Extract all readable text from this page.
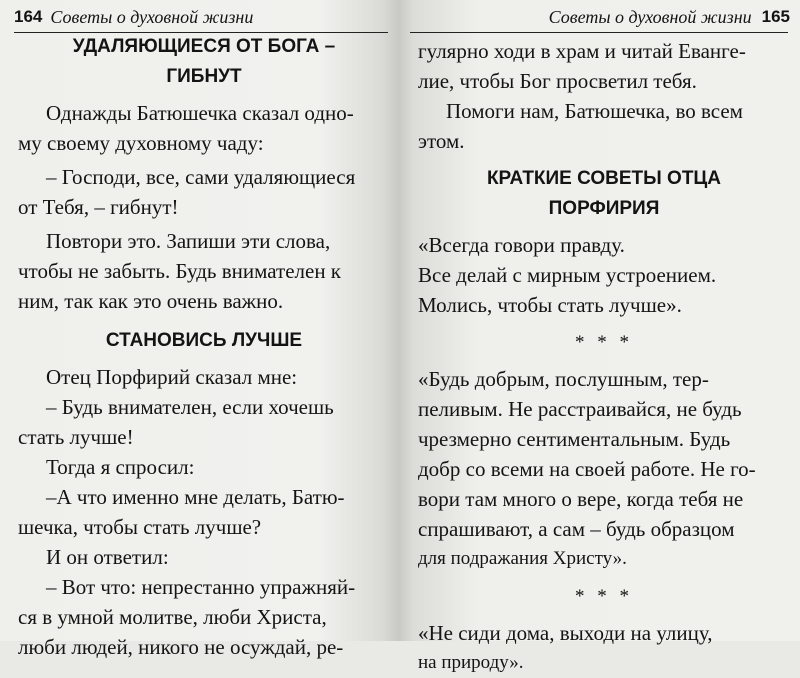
164 Советы о духовной жизни
УДАЛЯЮЩИЕСЯ ОТ БОГА –
ГИБНУТ
Однажды Батюшечка сказал одно-
му своему духовному чаду:
– Господи, все, сами удаляющиеся
от Тебя, – гибнут!
Повтори это. Запиши эти слова,
чтобы не забыть. Будь внимателен к
ним, так как это очень важно.
СТАНОВИСЬ ЛУЧШЕ
Отец Порфирий сказал мне:
– Будь внимателен, если хочешь
стать лучше!
Тогда я спросил:
–А что именно мне делать, Батю-
шечка, чтобы стать лучше?
И он ответил:
– Вот что: непрестанно упражняй-
ся в умной молитве, люби Христа,
люби людей, никого не осуждай, ре-
Советы о духовной жизни 165
гулярно ходи в храм и читай Еванге-
лие, чтобы Бог просветил тебя.
Помоги нам, Батюшечка, во всем
этом.
КРАТКИЕ СОВЕТЫ ОТЦА
ПОРФИРИЯ
«Всегда говори правду.
Все делай с мирным устроением.
Молись, чтобы стать лучше».
* * *
«Будь добрым, послушным, тер-
пеливым. Не расстраивайся, не будь
чрезмерно сентиментальным. Будь
добр со всеми на своей работе. Не го-
вори там много о вере, когда тебя не
спрашивают, а сам – будь образцом
для подражания Христу».
* * *
«Не сиди дома, выходи на улицу,
на природу».
